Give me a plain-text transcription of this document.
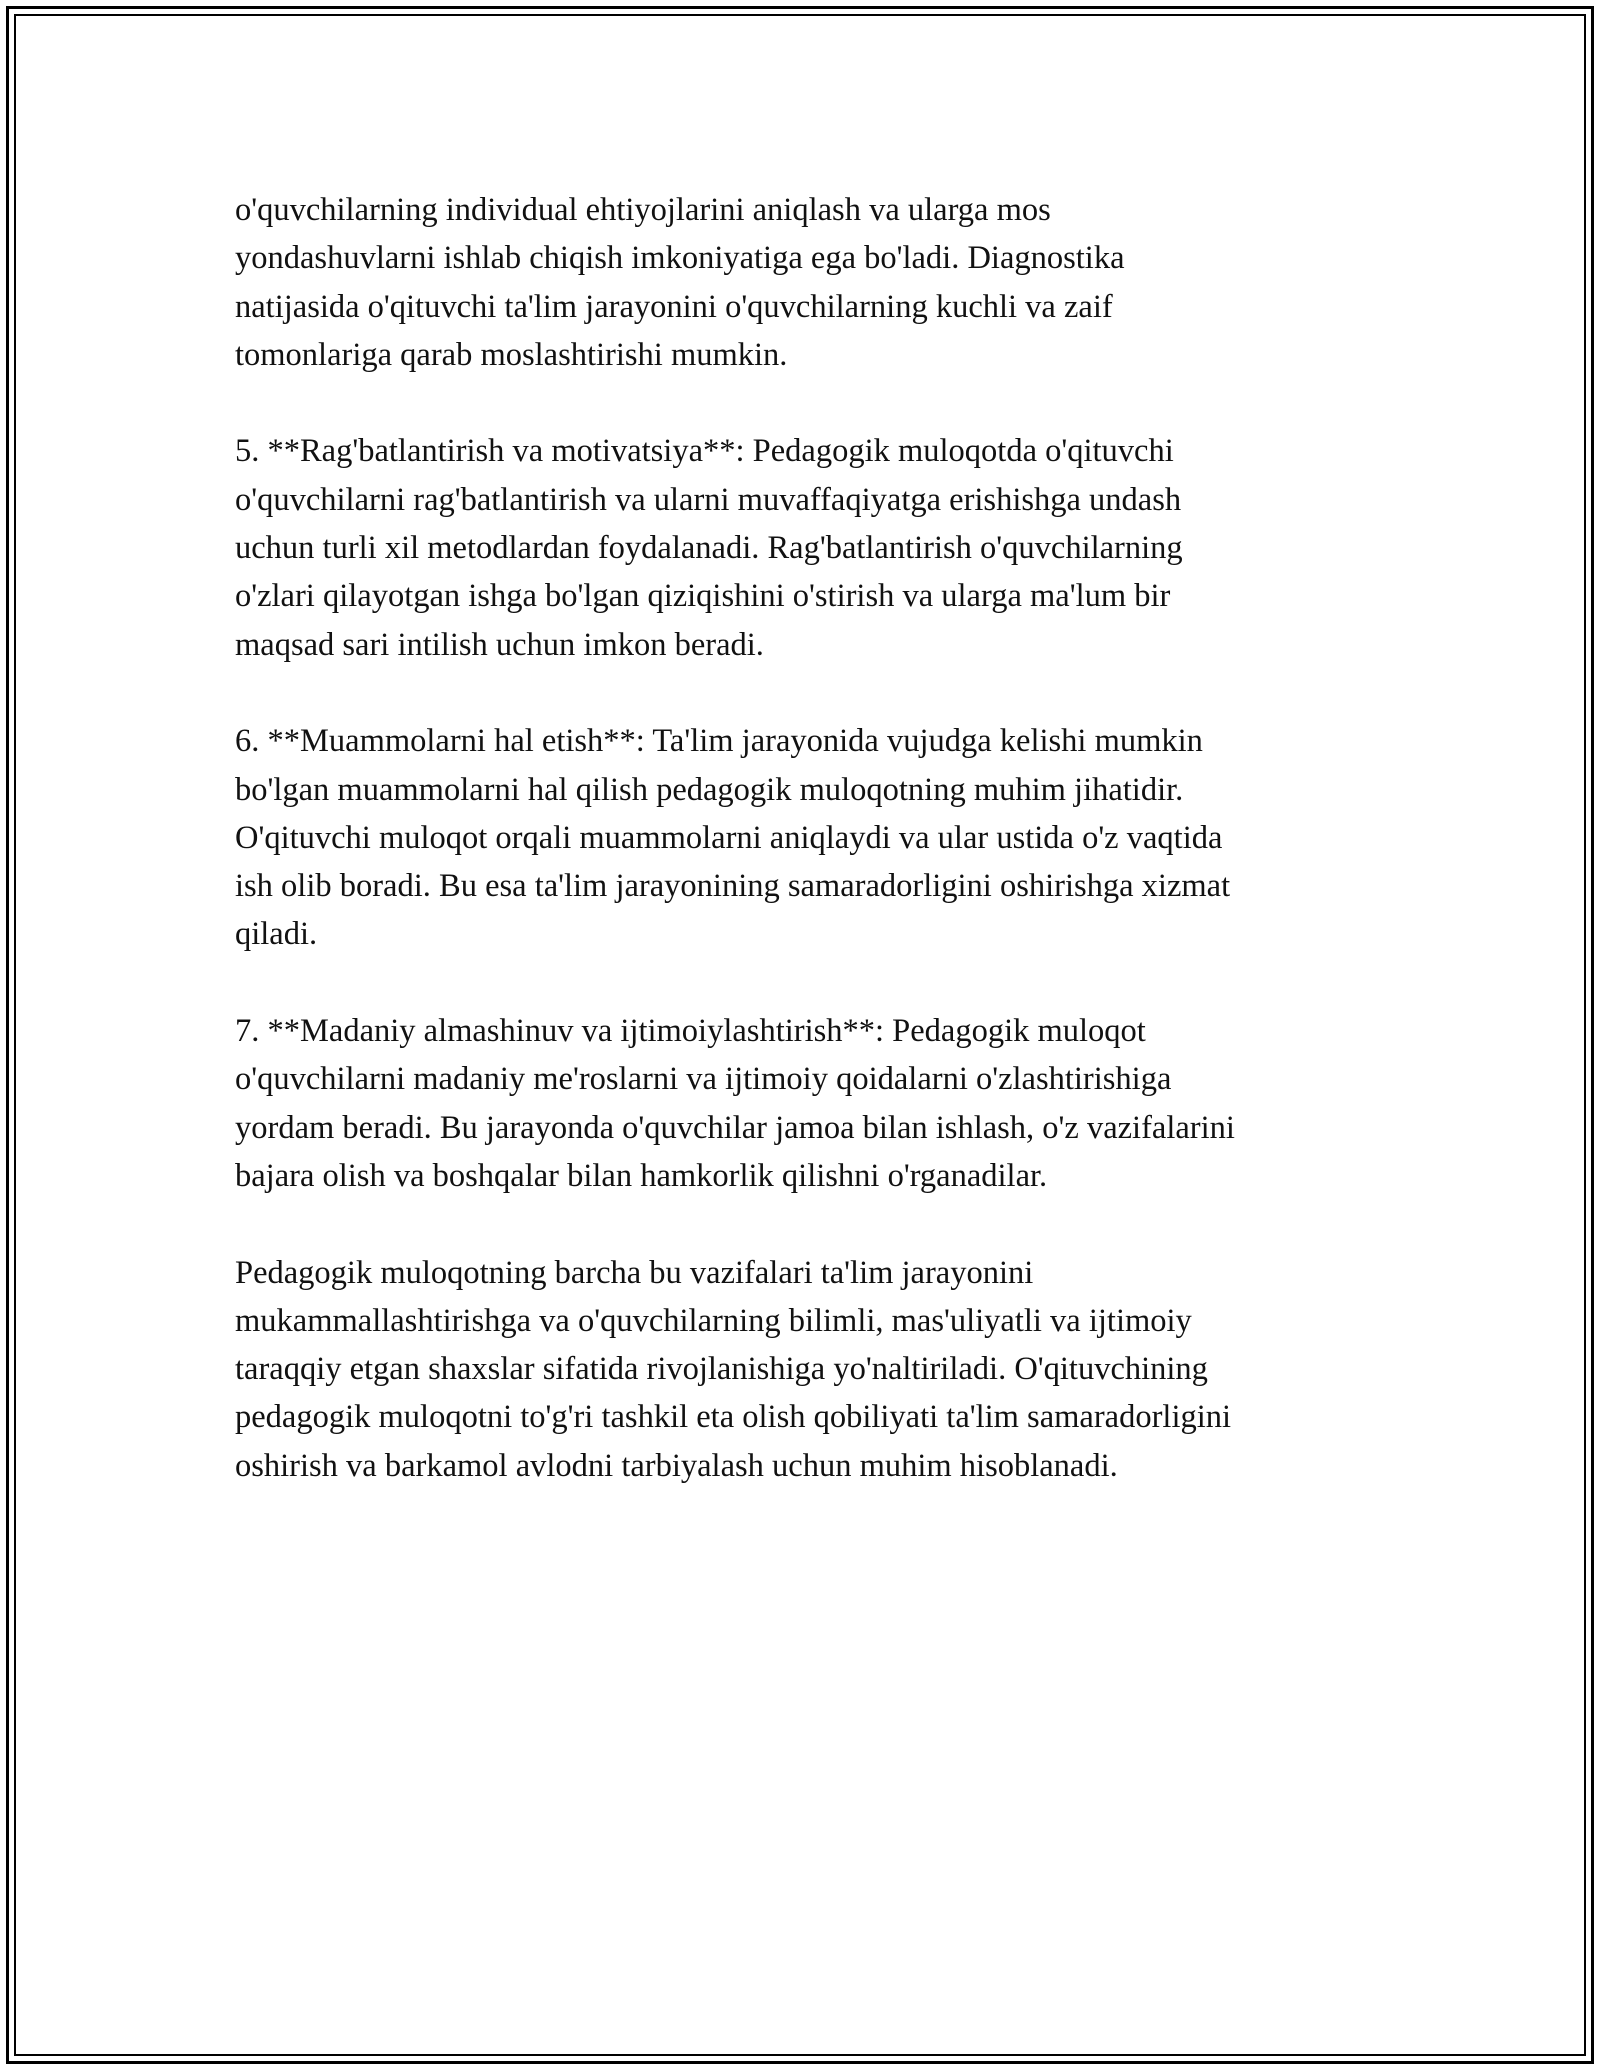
o'quvchilarning individual ehtiyojlarini aniqlash va ularga mos
yondashuvlarni ishlab chiqish imkoniyatiga ega bo'ladi. Diagnostika
natijasida o'qituvchi ta'lim jarayonini o'quvchilarning kuchli va zaif
tomonlariga qarab moslashtirishi mumkin.

5. **Rag'batlantirish va motivatsiya**: Pedagogik muloqotda o'qituvchi
o'quvchilarni rag'batlantirish va ularni muvaffaqiyatga erishishga undash
uchun turli xil metodlardan foydalanadi. Rag'batlantirish o'quvchilarning
o'zlari qilayotgan ishga bo'lgan qiziqishini o'stirish va ularga ma'lum bir
maqsad sari intilish uchun imkon beradi.

6. **Muammolarni hal etish**: Ta'lim jarayonida vujudga kelishi mumkin
bo'lgan muammolarni hal qilish pedagogik muloqotning muhim jihatidir.
O'qituvchi muloqot orqali muammolarni aniqlaydi va ular ustida o'z vaqtida
ish olib boradi. Bu esa ta'lim jarayonining samaradorligini oshirishga xizmat
qiladi.

7. **Madaniy almashinuv va ijtimoiylashtirish**: Pedagogik muloqot
o'quvchilarni madaniy me'roslarni va ijtimoiy qoidalarni o'zlashtirishiga
yordam beradi. Bu jarayonda o'quvchilar jamoa bilan ishlash, o'z vazifalarini
bajara olish va boshqalar bilan hamkorlik qilishni o'rganadilar.

Pedagogik muloqotning barcha bu vazifalari ta'lim jarayonini
mukammallashtirishga va o'quvchilarning bilimli, mas'uliyatli va ijtimoiy
taraqqiy etgan shaxslar sifatida rivojlanishiga yo'naltiriladi. O'qituvchining
pedagogik muloqotni to'g'ri tashkil eta olish qobiliyati ta'lim samaradorligini
oshirish va barkamol avlodni tarbiyalash uchun muhim hisoblanadi.
